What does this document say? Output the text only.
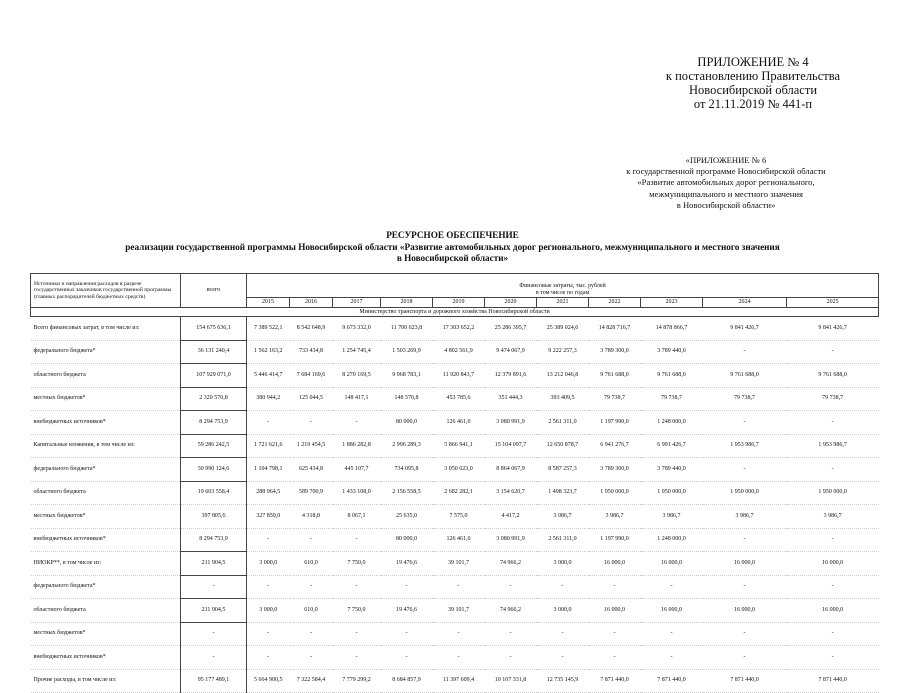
ПРИЛОЖЕНИЕ № 4
к постановлению Правительства
Новосибирской области
от 21.11.2019 № 441-п
«ПРИЛОЖЕНИЕ № 6
к государственной программе Новосибирской области
«Развитие автомобильных дорог регионального,
межмуниципального и местного значения
в Новосибирской области»
РЕСУРСНОЕ ОБЕСПЕЧЕНИЕ
реализации государственной программы Новосибирской области «Развитие автомобильных дорог регионального, межмуниципального и местного значения
в Новосибирской области»
Источники и направления расходов в разрезе государственных заказчиков государственной программы (главных распорядителей бюджетных средств)	всего	Финансовые затраты, тыс. рублей										
		в том числе по годам										
		2015	2016	2017	2018	2019	2020	2021	2022	2023	2024	2025
Министерство транспорта и дорожного хозяйства Новосибирской области												
Всего финансовых затрат, в том числе из:	154 675 636,1	7 389 522,1	8 542 648,9	9 673 332,0	11 700 623,8	17 303 652,2	25 286 395,7	25 389 024,6	14 828 716,7	14 878 866,7	9 841 426,7	9 841 426,7
федерального бюджета*	36 131 240,4	1 562 163,2	733 434,8	1 254 745,4	1 503 269,9	4 802 561,9	9 474 067,9	9 222 257,3	3 789 300,0	3 789 440,0	-	-
областного бюджета	107 929 071,0	5 446 414,7	7 684 169,6	8 270 169,5	9 968 783,1	11 920 843,7	12 379 891,6	13 212 046,8	9 761 688,0	9 761 688,0	9 761 688,0	9 761 688,0
местных бюджетов*	2 320 570,8	380 944,2	125 044,5	148 417,1	148 570,8	453 785,6	351 444,3	393 409,5	79 738,7	79 738,7	79 738,7	79 738,7
внебюджетных источников*	8 294 753,9	-	-	-	80 000,0	126 461,0	3 080 991,9	2 561 311,0	1 197 990,0	1 248 000,0	-	-
Капитальные вложения, в том числе из:	59 286 242,5	1 721 621,6	1 219 454,5	1 886 282,8	2 996 289,3	5 866 941,1	15 104 097,7	12 650 878,7	6 941 276,7	6 991 426,7	1 953 986,7	1 953 986,7
федерального бюджета*	30 990 124,6	1 104 798,1	625 434,8	445 107,7	734 095,8	3 050 623,0	8 864 067,9	8 587 257,3	3 789 300,0	3 789 440,0	-	-
областного бюджета	19 603 558,4	288 964,5	589 700,9	1 433 108,0	2 156 558,5	2 682 282,1	3 154 620,7	1 498 323,7	1 950 000,0	1 950 000,0	1 950 000,0	1 950 000,0
местных бюджетов*	397 805,6	327 859,0	4 318,8	8 067,1	25 635,0	7 575,0	4 417,2	3 986,7	3 986,7	3 986,7	3 986,7	3 986,7
внебюджетных источников*	8 294 753,9	-	-	-	80 000,0	126 461,0	3 080 991,9	2 561 311,0	1 197 990,0	1 248 000,0	-	-
НИОКР**, в том числе из:	211 904,5	3 000,0	610,0	7 750,0	19 476,6	39 101,7	74 966,2	3 000,0	16 000,0	16 000,0	16 000,0	16 000,0
федерального бюджета*	-	-	-	-	-	-	-	-	-	-	-	-
областного бюджета	211 904,5	3 000,0	610,0	7 750,0	19 476,6	39 101,7	74 966,2	3 000,0	16 000,0	16 000,0	16 000,0	16 000,0
местных бюджетов*	-	-	-	-	-	-	-	-	-	-	-	-
внебюджетных источников*	-	-	-	-	-	-	-	-	-	-	-	-
Прочие расходы, в том числе из:	95 177 489,1	5 664 900,5	7 322 584,4	7 779 299,2	8 684 857,9	11 397 609,4	10 107 331,8	12 735 145,9	7 871 440,0	7 871 440,0	7 871 440,0	7 871 440,0
